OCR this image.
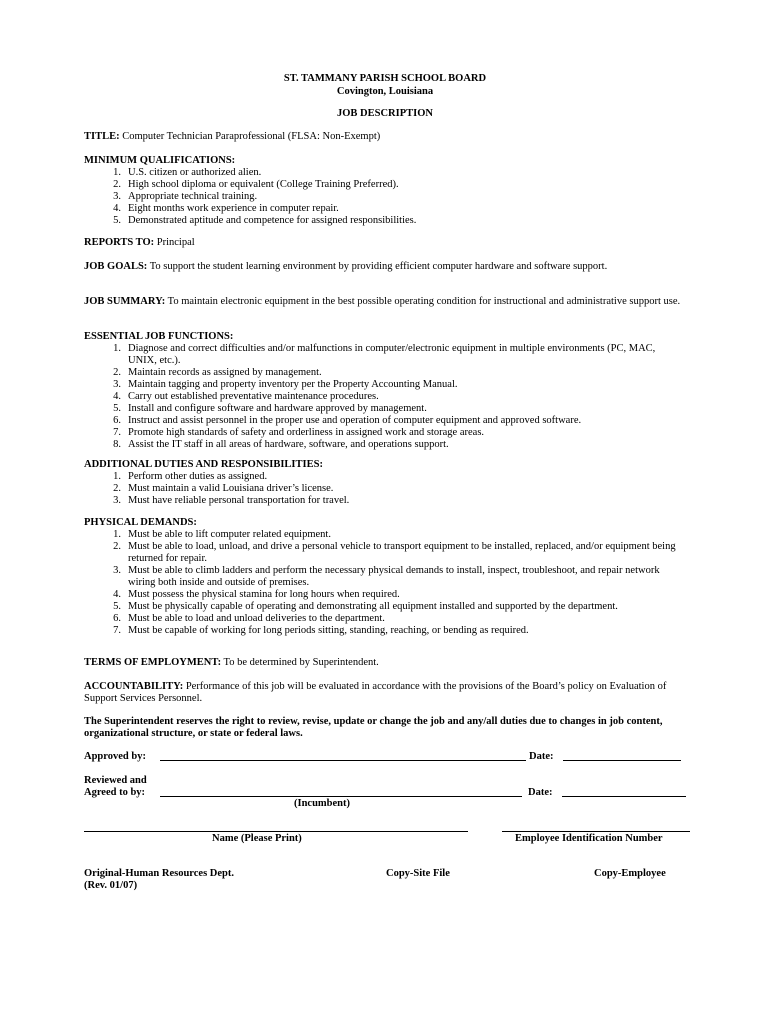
ST. TAMMANY PARISH SCHOOL BOARD
Covington, Louisiana
JOB DESCRIPTION

TITLE: Computer Technician Paraprofessional (FLSA: Non-Exempt)

MINIMUM QUALIFICATIONS:

1. U.S. citizen or authorized alien.
2. High school diploma or equivalent (College Training Preferred).
3. Appropriate technical training.
4. Eight months work experience in computer repair.
5. Demonstrated aptitude and competence for assigned responsibilities.

REPORTS TO: Principal

JOB GOALS: To support the student learning environment by providing efficient computer hardware and software support.

JOB SUMMARY: To maintain electronic equipment in the best possible operating condition for instructional and administrative support use.

ESSENTIAL JOB FUNCTIONS:

1. Diagnose and correct difficulties and/or malfunctions in computer/electronic equipment in multiple environments (PC, MAC, UNIX, etc.).
2. Maintain records as assigned by management.
3. Maintain tagging and property inventory per the Property Accounting Manual.
4. Carry out established preventative maintenance procedures.
5. Install and configure software and hardware approved by management.
6. Instruct and assist personnel in the proper use and operation of computer equipment and approved software.
7. Promote high standards of safety and orderliness in assigned work and storage areas.
8. Assist the IT staff in all areas of hardware, software, and operations support.

ADDITIONAL DUTIES AND RESPONSIBILITIES:

1. Perform other duties as assigned.
2. Must maintain a valid Louisiana driver’s license.
3. Must have reliable personal transportation for travel.

PHYSICAL DEMANDS:

1. Must be able to lift computer related equipment.
2. Must be able to load, unload, and drive a personal vehicle to transport equipment to be installed, replaced, and/or equipment being returned for repair.
3. Must be able to climb ladders and perform the necessary physical demands to install, inspect, troubleshoot, and repair network wiring both inside and outside of premises.
4. Must possess the physical stamina for long hours when required.
5. Must be physically capable of operating and demonstrating all equipment installed and supported by the department.
6. Must be able to load and unload deliveries to the department.
7. Must be capable of working for long periods sitting, standing, reaching, or bending as required.

TERMS OF EMPLOYMENT: To be determined by Superintendent.

ACCOUNTABILITY: Performance of this job will be evaluated in accordance with the provisions of the Board’s policy on Evaluation of Support Services Personnel.

The Superintendent reserves the right to review, revise, update or change the job and any/all duties due to changes in job content, organizational structure, or state or federal laws.
Approved by:	Date:
Reviewed and
Agreed to by:	Date:
(Incumbent)
Name (Please Print)	Employee Identification Number
Original-Human Resources Dept.
(Rev. 01/07)
Copy-Site File	Copy-Employee
